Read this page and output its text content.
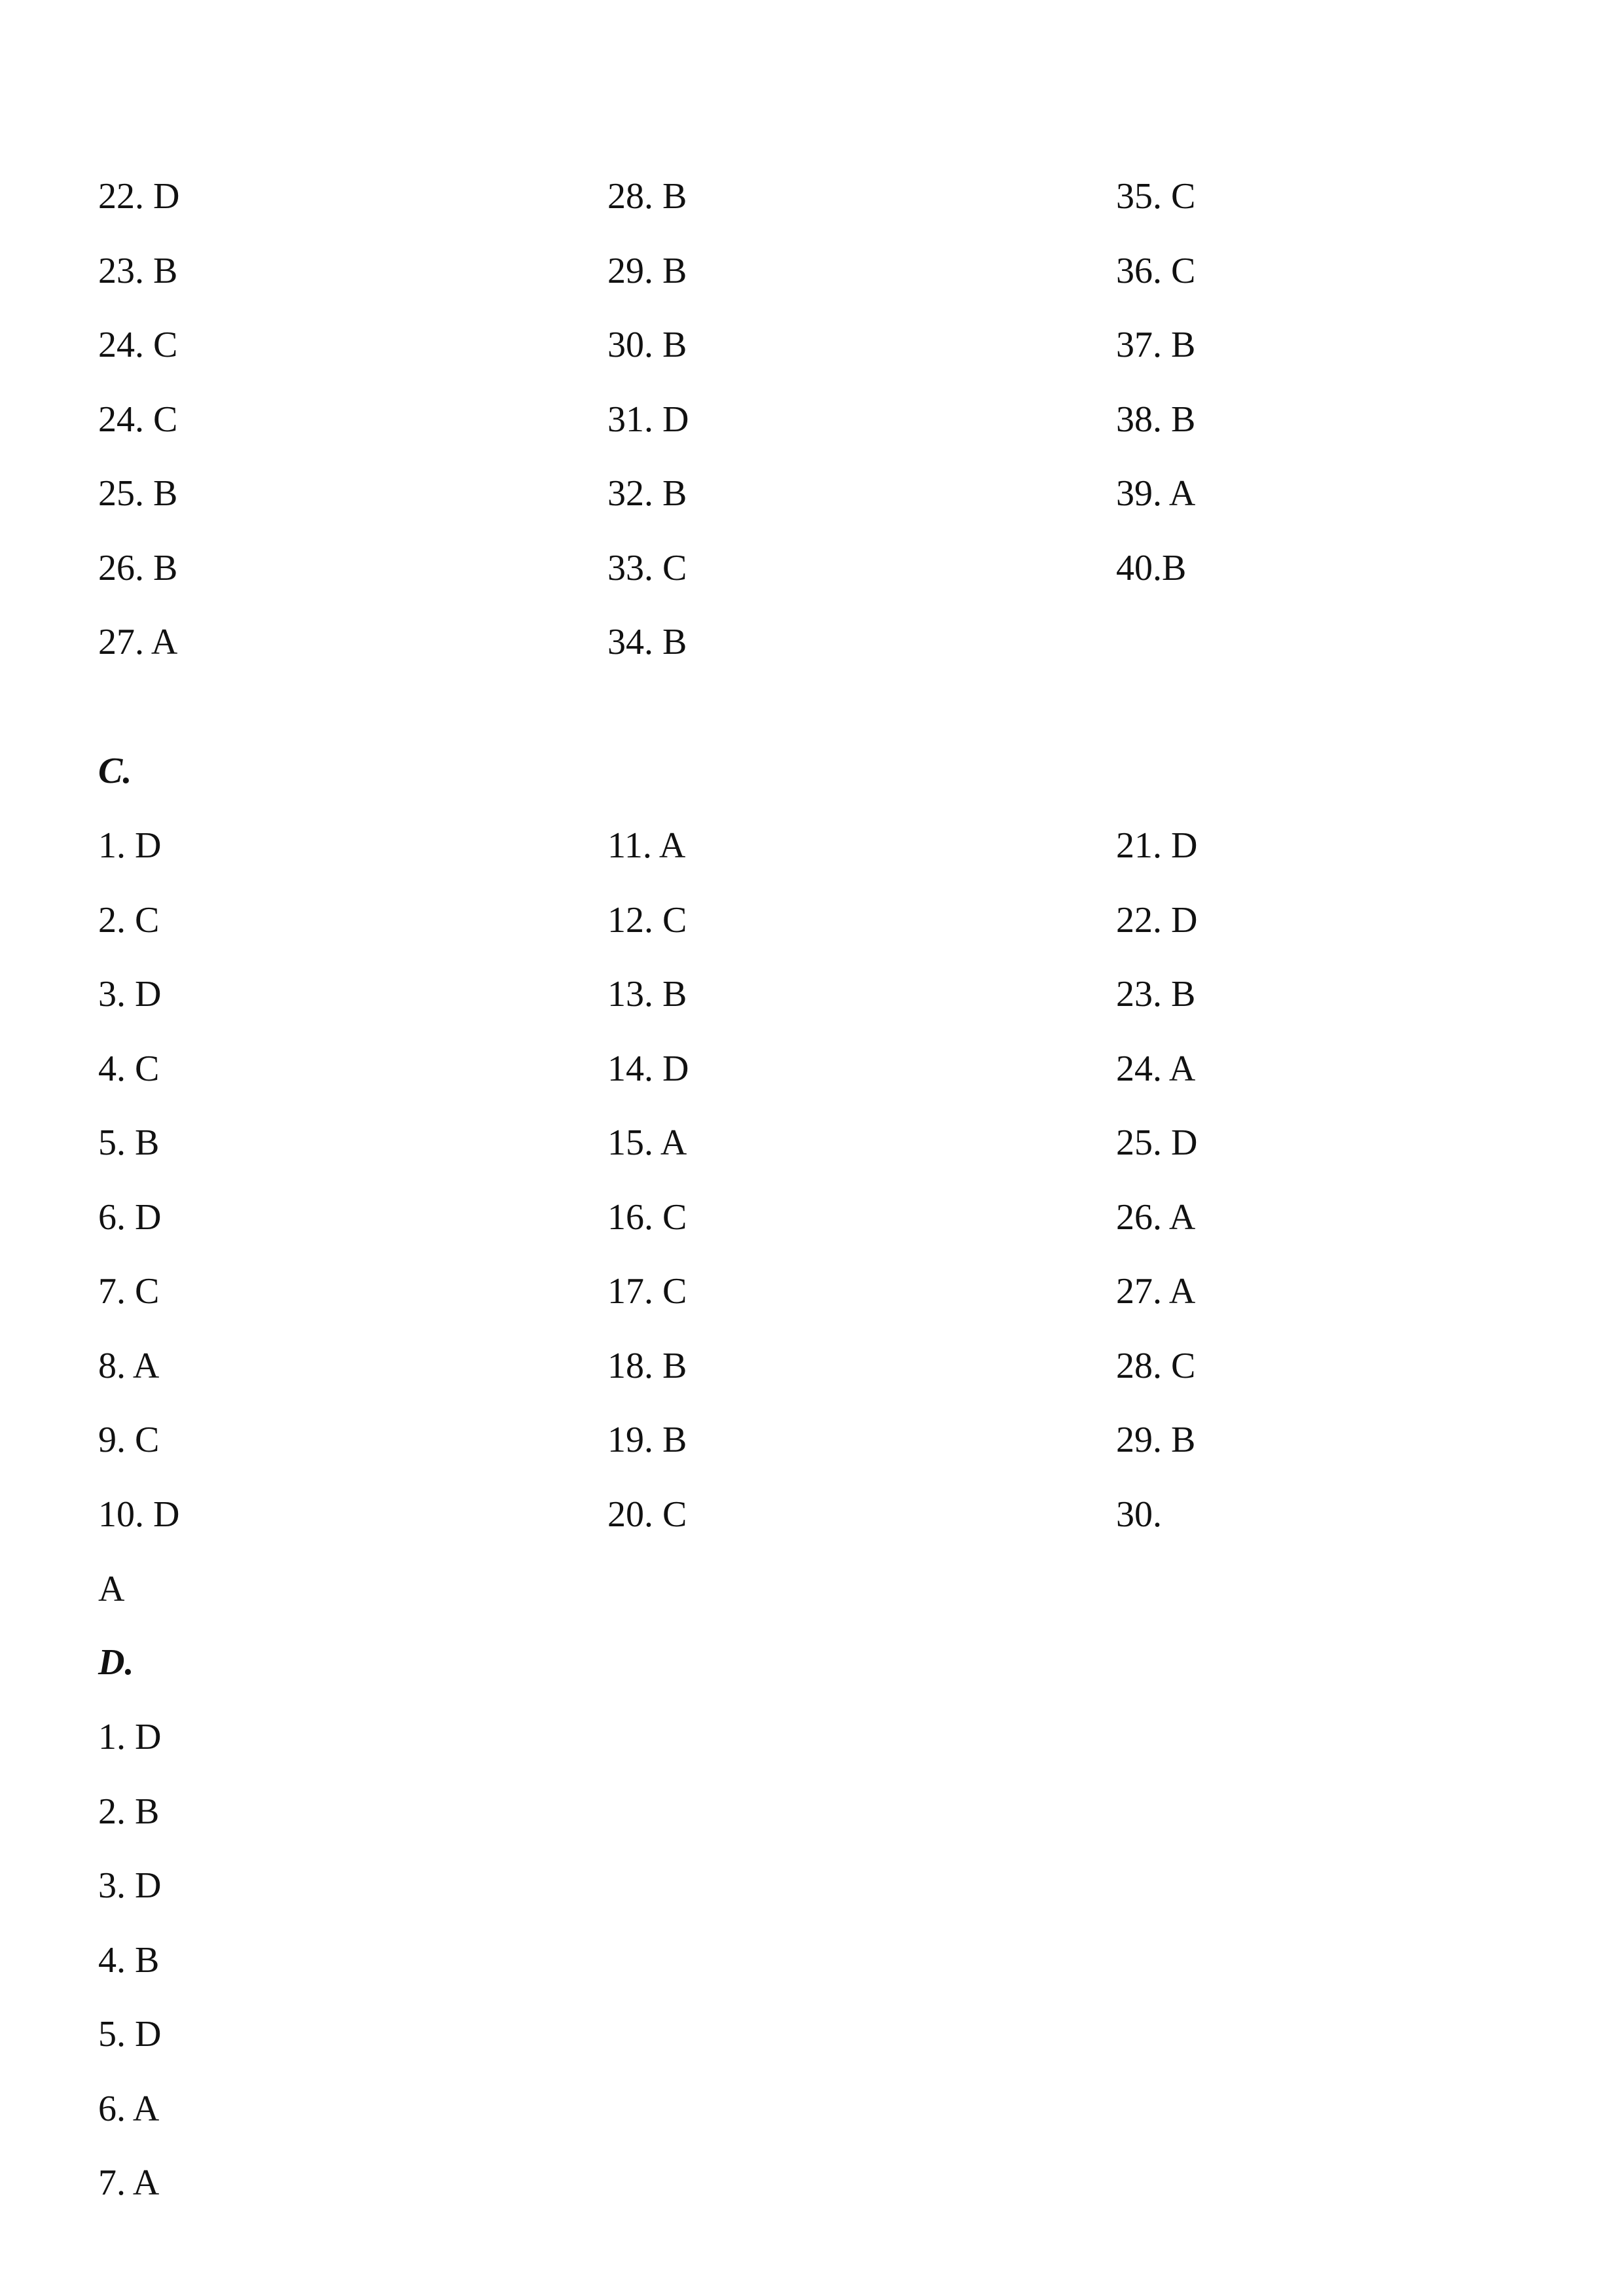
22. D	28. B	35. C
23. B	29. B	36. C
24. C	30. B	37. B
24. C	31. D	38. B
25. B	32. B	39. A
26. B	33. C	40.B
27. A	34. B
C.
1. D	11. A	21. D
2. C	12. C	22. D
3. D	13. B	23. B
4. C	14. D	24. A
5. B	15. A	25. D
6. D	16. C	26. A
7. C	17. C	27. A
8. A	18. B	28. C
9. C	19. B	29. B
10. D	20. C	30.
A
D.
1. D
2. B
3. D
4. B
5. D
6. A
7. A
